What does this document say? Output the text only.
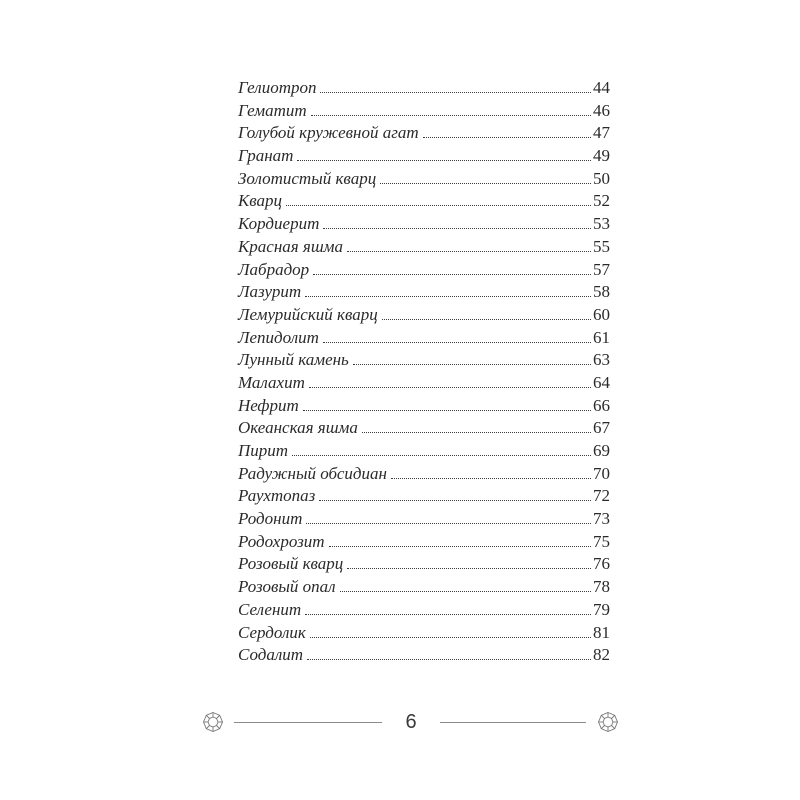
Гелиотроп	44
Гематит	46
Голубой кружевной агат	47
Гранат	49
Золотистый кварц	50
Кварц	52
Кордиерит	53
Красная яшма	55
Лабрадор	57
Лазурит	58
Лемурийский кварц	60
Лепидолит	61
Лунный камень	63
Малахит	64
Нефрит	66
Океанская яшма	67
Пирит	69
Радужный обсидиан	70
Раухтопаз	72
Родонит	73
Родохрозит	75
Розовый кварц	76
Розовый опал	78
Селенит	79
Сердолик	81
Содалит	82
6
